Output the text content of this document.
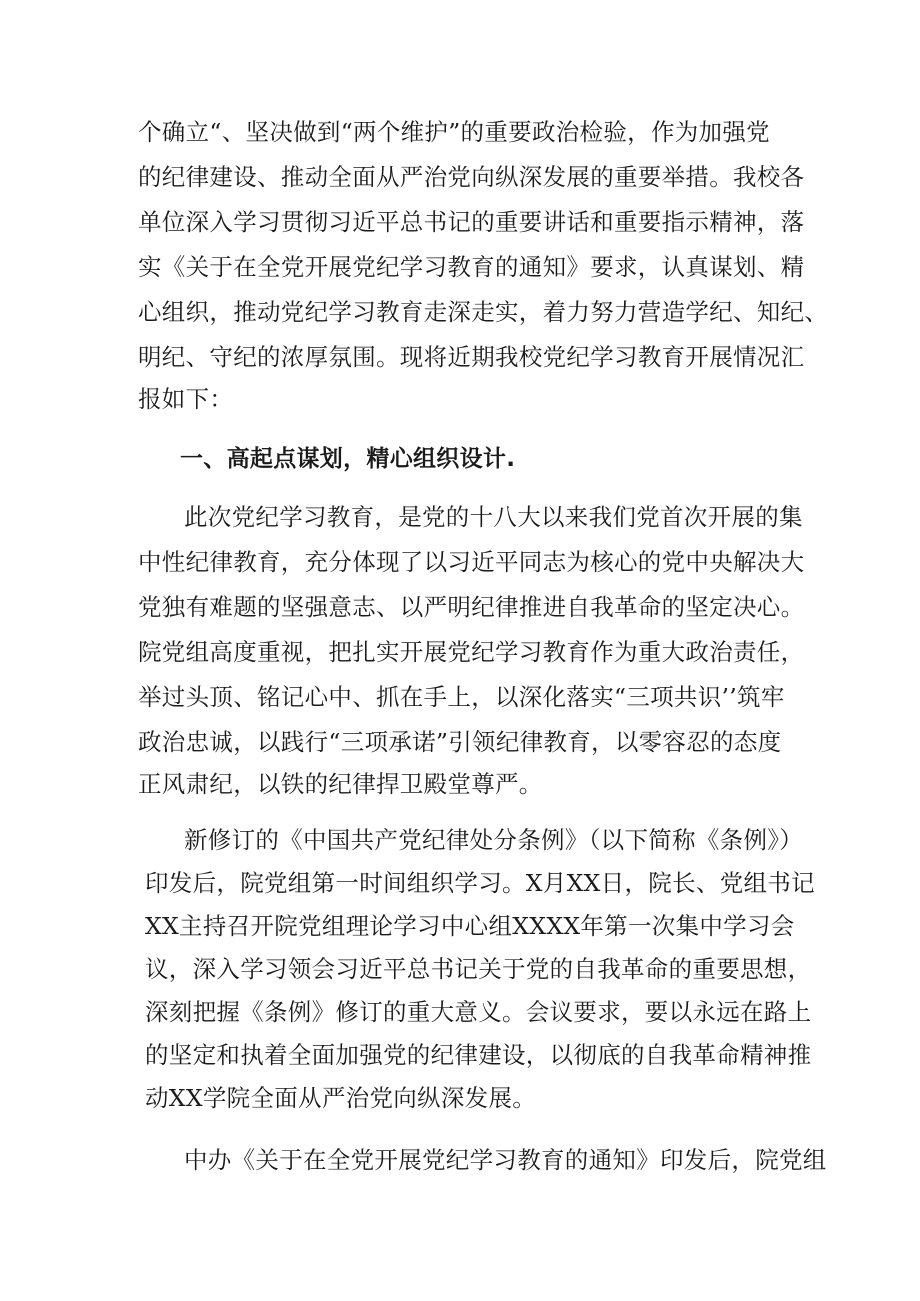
个确立“、坚决做到“两个维护”的重要政治检验，作为加强党
的纪律建设、推动全面从严治党向纵深发展的重要举措。我校各
单位深入学习贯彻习近平总书记的重要讲话和重要指示精神，落
实《关于在全党开展党纪学习教育的通知》要求，认真谋划、精
心组织，推动党纪学习教育走深走实，着力努力营造学纪、知纪、
明纪、守纪的浓厚氛围。现将近期我校党纪学习教育开展情况汇
报如下：
一、高起点谋划，精心组织设计.
此次党纪学习教育，是党的十八大以来我们党首次开展的集
中性纪律教育，充分体现了以习近平同志为核心的党中央解决大
党独有难题的坚强意志、以严明纪律推进自我革命的坚定决心。
院党组高度重视，把扎实开展党纪学习教育作为重大政治责任，
举过头顶、铭记心中、抓在手上，以深化落实“三项共识’’筑牢
政治忠诚，以践行“三项承诺”引领纪律教育，以零容忍的态度
正风肃纪，以铁的纪律捍卫殿堂尊严。
新修订的《中国共产党纪律处分条例》（以下简称《条例》）
印发后，院党组第一时间组织学习。X月XX日，院长、党组书记
XX主持召开院党组理论学习中心组XXXX年第一次集中学习会
议，深入学习领会习近平总书记关于党的自我革命的重要思想，
深刻把握《条例》修订的重大意义。会议要求，要以永远在路上
的坚定和执着全面加强党的纪律建设，以彻底的自我革命精神推
动XX学院全面从严治党向纵深发展。
中办《关于在全党开展党纪学习教育的通知》印发后，院党组
